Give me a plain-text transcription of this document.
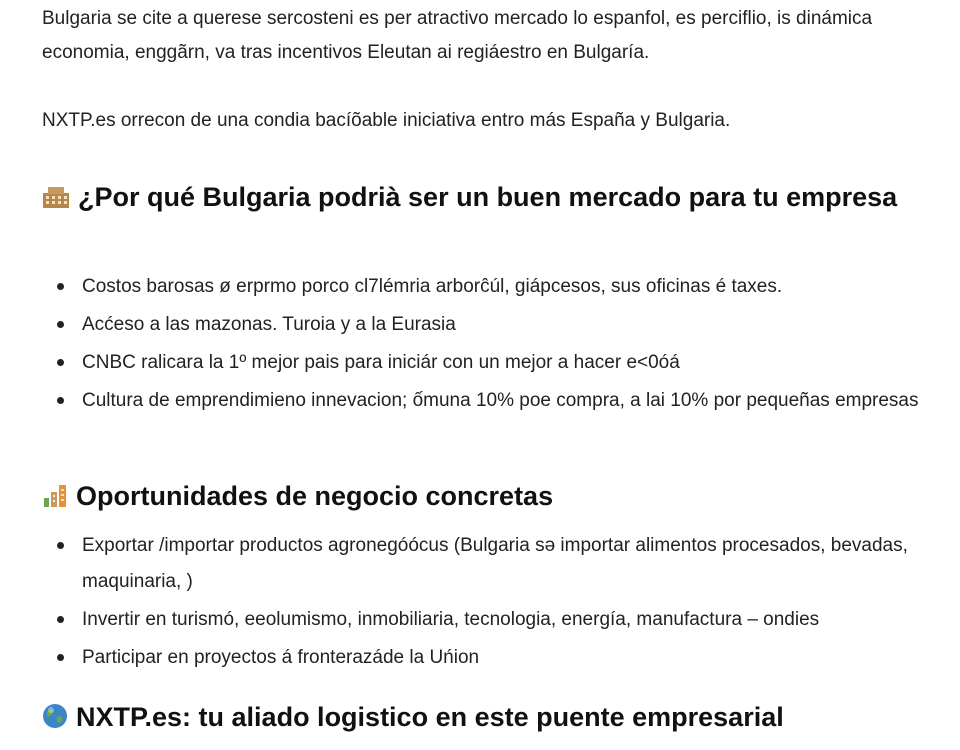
Bulgaria se cite a querese sercosteni es per atractivo mercado lo espanfol, es perciflio, is dinámica economia, enggãrn, va tras incentivos Eleutan ai regiáestro en Bulgaría.

NXTP.es orrecon de una condia bacíõable iniciativa entro más España y Bulgaria.

¿Por qué Bulgaria podrià ser un buen mercado para tu empresa
Costos barosas ø erprmo porco cl7lémria arborĉúl, giápcesos, sus oficinas é taxes.
Acćeso a las mazonas. Turoia y a la Eurasia
CNBC ralicara la 1º mejor pais para iniciár con un mejor a hacer e<0óá
Cultura de emprendimieno innevacion; ốmuna 10% poe compra, a lai 10% por pequeñas empresas
Oportunidades de negocio concretas
Exportar /importar productos agronegóócus (Bulgaria sə importar alimentos procesados, bevadas, maquinaria, )
Invertir en turismó, eeolumismo, inmobiliaria, tecnologia, energía, manufactura – ondies
Participar en proyectos á fronterazáde la Uńion
NXTP.es: tu aliado logistico en este puente empresarial
